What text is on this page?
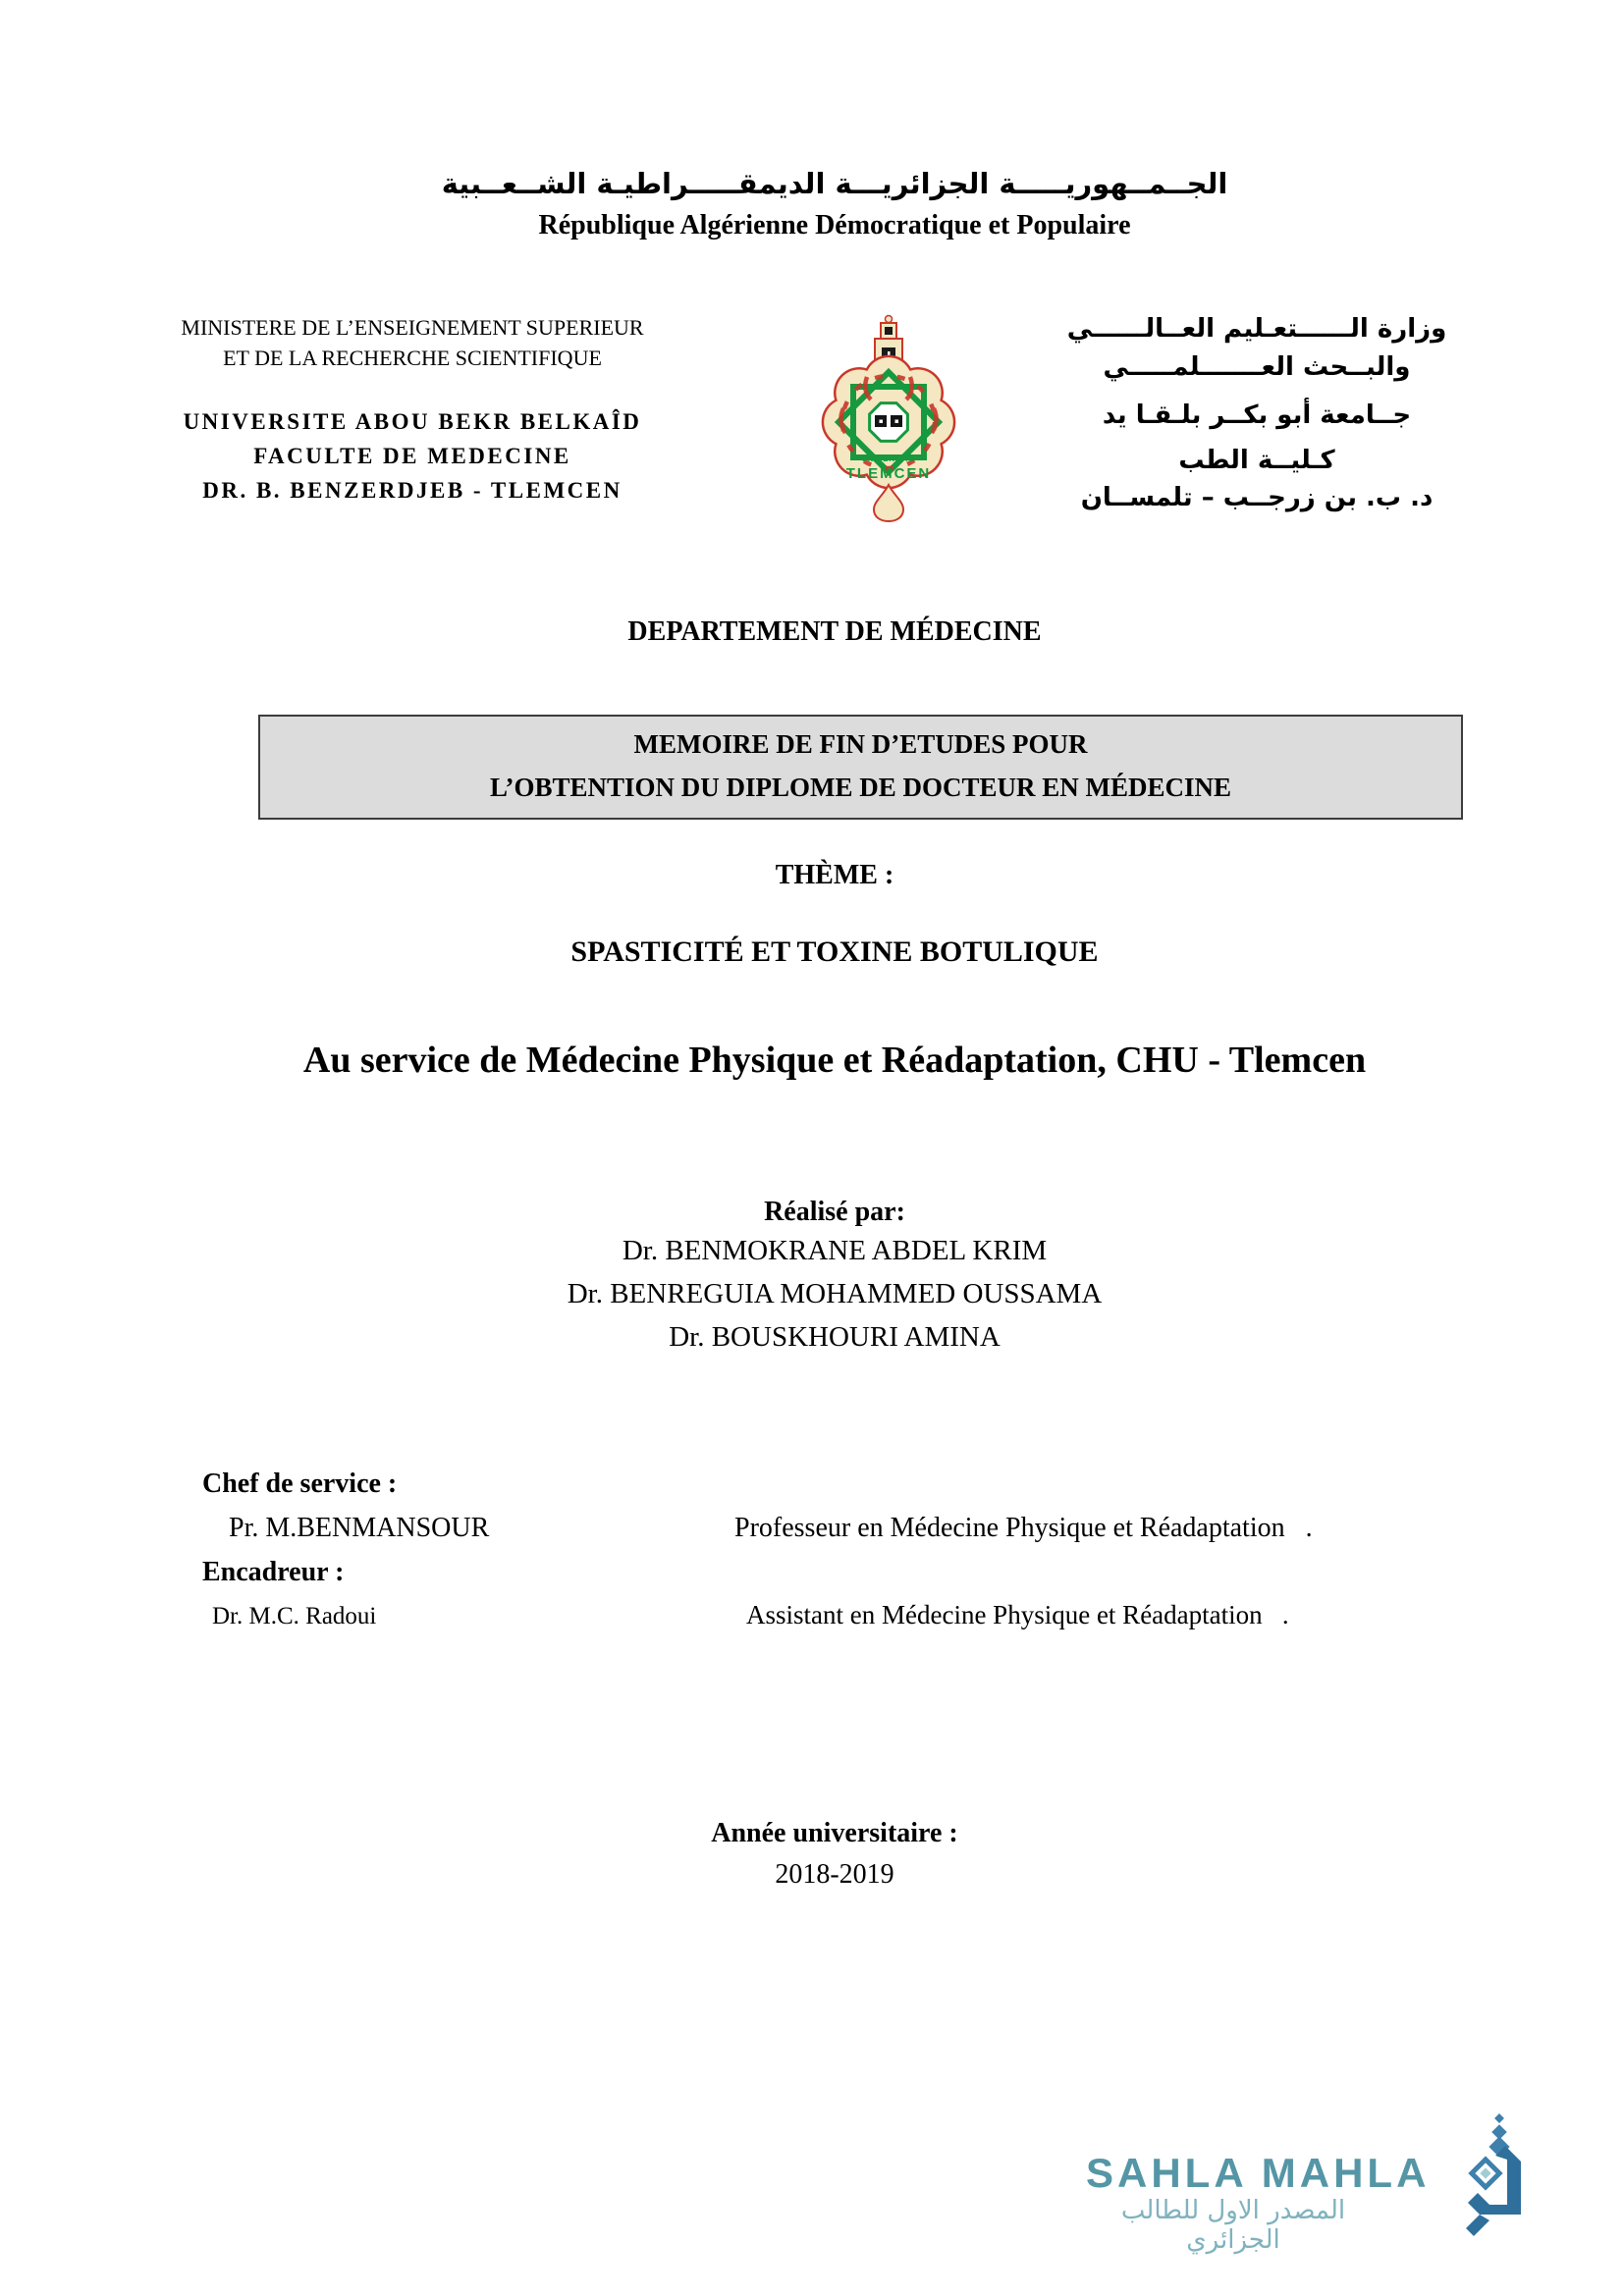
الجــمــهوريـــــة الجزائريـــة الديمقـــــراطيـة الشــعــبية
République Algérienne Démocratique et Populaire
MINISTERE DE L’ENSEIGNEMENT SUPERIEUR
ET DE LA RECHERCHE SCIENTIFIQUE
UNIVERSITE ABOU BEKR BELKAÎD
FACULTE DE MEDECINE
DR. B. BENZERDJEB - TLEMCEN
UNIVERSITE
TLEMCEN
وزارة الــــــتعـليم العــالــــــي
والبــحث العـــــــلمـــــي
جــامعة أبو بكــر بلـقـا يد
كـليــة الطب
د. ب. بن زرجــب – تلمســان
DEPARTEMENT DE MÉDECINE
MEMOIRE DE FIN D’ETUDES POUR
L’OBTENTION DU DIPLOME DE DOCTEUR EN MÉDECINE
THÈME :
SPASTICITÉ ET TOXINE BOTULIQUE
Au service de Médecine Physique et Réadaptation, CHU - Tlemcen
Réalisé par:
Dr. BENMOKRANE ABDEL KRIM
Dr. BENREGUIA MOHAMMED OUSSAMA
Dr. BOUSKHOURI AMINA
Chef de service :
Pr. M.BENMANSOUR	Professeur en Médecine Physique et Réadaptation   .
Encadreur :
Dr. M.C. Radoui	Assistant en Médecine Physique et Réadaptation   .
Année universitaire :
2018-2019
SAHLA MAHLA
المصدر الاول للطالب الجزائري
